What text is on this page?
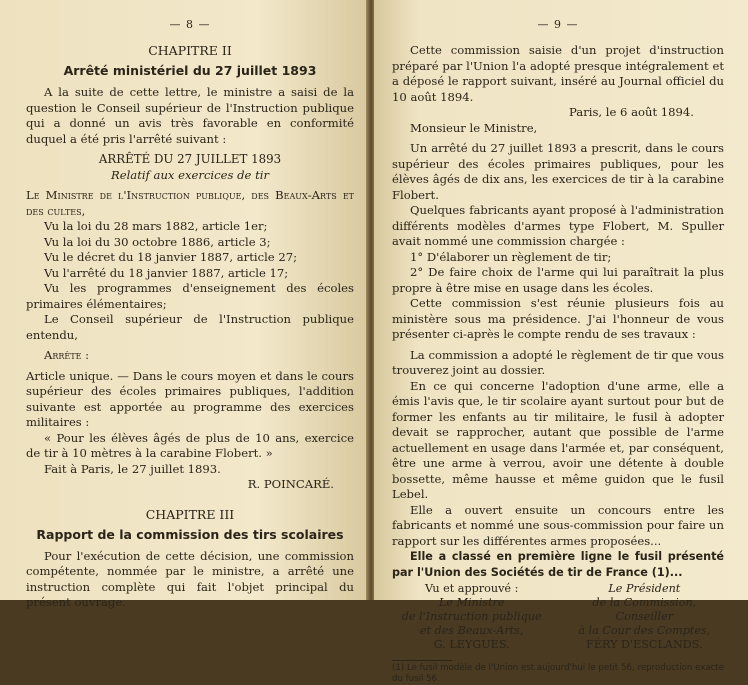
— 8 —
CHAPITRE II
Arrêté ministériel du 27 juillet 1893

A la suite de cette lettre, le ministre a saisi de la question le Conseil supérieur de l'Instruction publique qui a donné un avis très favorable en conformité duquel a été pris l'arrêté suivant :

ARRÊTÉ DU 27 JUILLET 1893

Relatif aux exercices de tir

Le Ministre de l'Instruction publique, des Beaux-Arts et des cultes,

Vu la loi du 28 mars 1882, article 1er;

Vu la loi du 30 octobre 1886, article 3;

Vu le décret du 18 janvier 1887, article 27;

Vu l'arrêté du 18 janvier 1887, article 17;

Vu les programmes d'enseignement des écoles primaires élémentaires;

Le Conseil supérieur de l'Instruction publique entendu,

Arrête :

Article unique. — Dans le cours moyen et dans le cours supérieur des écoles primaires publiques, l'addition suivante est apportée au programme des exercices militaires :

« Pour les élèves âgés de plus de 10 ans, exercice de tir à 10 mètres à la carabine Flobert. »

Fait à Paris, le 27 juillet 1893.

R. POINCARÉ.

CHAPITRE III
Rapport de la commission des tirs scolaires

Pour l'exécution de cette décision, une commission compétente, nommée par le ministre, a arrêté une instruction complète qui fait l'objet principal du présent ouvrage.

— 9 —

Cette commission saisie d'un projet d'instruction préparé par l'Union l'a adopté presque intégralement et a déposé le rapport suivant, inséré au Journal officiel du 10 août 1894.

Paris, le 6 août 1894.

Monsieur le Ministre,

Un arrêté du 27 juillet 1893 a prescrit, dans le cours supérieur des écoles primaires publiques, pour les élèves âgés de dix ans, les exercices de tir à la carabine Flobert.

Quelques fabricants ayant proposé à l'administration différents modèles d'armes type Flobert, M. Spuller avait nommé une commission chargée :

1° D'élaborer un règlement de tir;

2° De faire choix de l'arme qui lui paraîtrait la plus propre à être mise en usage dans les écoles.

Cette commission s'est réunie plusieurs fois au ministère sous ma présidence. J'ai l'honneur de vous présenter ci-après le compte rendu de ses travaux :

La commission a adopté le règlement de tir que vous trouverez joint au dossier.

En ce qui concerne l'adoption d'une arme, elle a émis l'avis que, le tir scolaire ayant surtout pour but de former les enfants au tir militaire, le fusil à adopter devait se rapprocher, autant que possible de l'arme actuellement en usage dans l'armée et, par conséquent, être une arme à verrou, avoir une détente à double bossette, même hausse et même guidon que le fusil Lebel.

Elle a ouvert ensuite un concours entre les fabricants et nommé une sous-commission pour faire un rapport sur les différentes armes proposées...

Elle a classé en première ligne le fusil présenté par l'Union des Sociétés de tir de France (1)...

Vu et approuvé :
Le Ministre
de l'Instruction publique
et des Beaux-Arts,
G. LEYGUES.
Le Président
de la Commission,
Conseiller
à la Cour des Comptes,
FÉRY D'ESCLANDS.

(1) Le fusil modèle de l'Union est aujourd'hui le petit 56, reproduction exacte du fusil 56.
